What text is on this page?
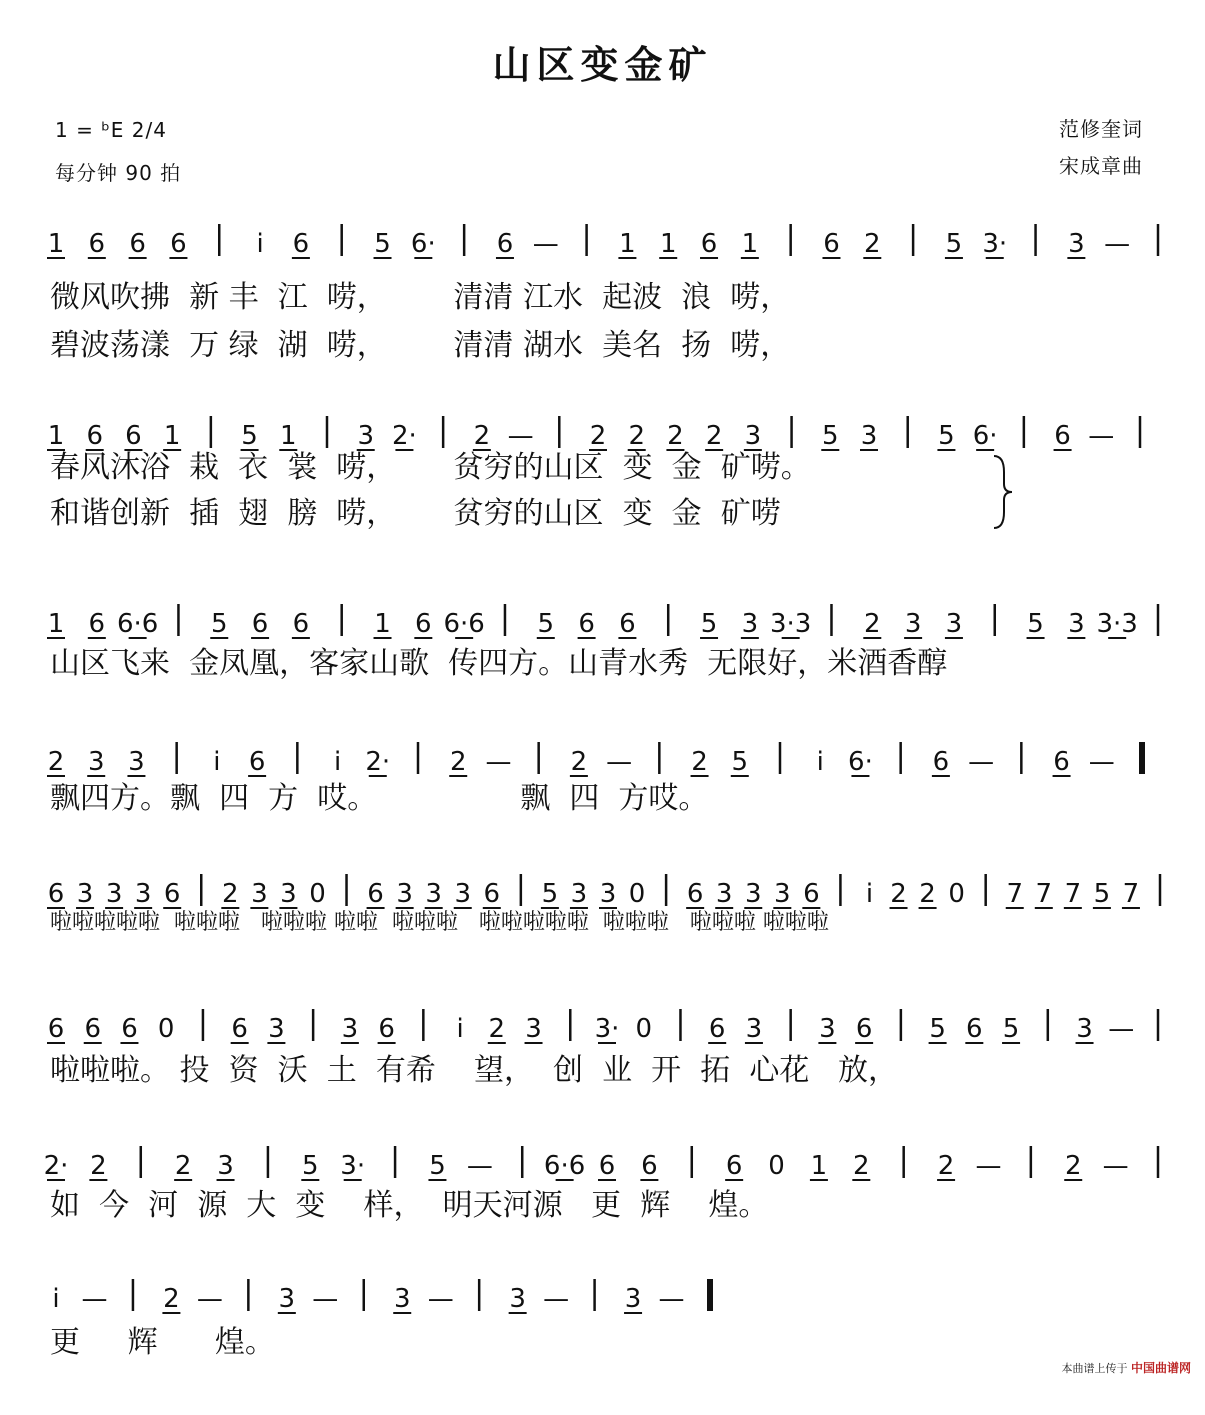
山区变金矿
1 = ᵇE 2/4
每分钟 90 拍
范修奎词
宋成章曲
1 6 6 6	i 6	5 6· 6 — 1 1 6 1	6 2	5 3· 3 —
微风吹拂  新 丰  江  唠，       清清 江水  起波  浪  唠，
碧波荡漾  万 绿  湖  唠，       清清 湖水  美名  扬  唠，
1 6 6 1 5 1 3 2· 2 — 2 2 2 2 3 5 3 5 6· 6 —
春风沐浴  栽  衣  裳  唠，      贫穷的山区  变  金  矿唠。
和谐创新  插  翅  膀  唠，      贫穷的山区  变  金  矿唠
1 6 6·6 5 6 6	1 6 6·6 5 6 6	5 3 3·3 2 3 3	5 3 3·3
山区飞来  金凤凰，客家山歌  传四方。山青水秀  无限好，米酒香醇
2 3 3	i 6	i 2· 2 — 2 — 2 5	i 6· 6 — 6 —
飘四方。飘  四  方  哎。               飘  四  方哎。
6 3 3 3 6 2 3 3 0 6 3 3 3 6 5 3 3 0 6 3 3 3 6 i 2 2 0 7 7 7 5 7
啦啦啦啦啦  啦啦啦   啦啦啦 啦啦  啦啦啦   啦啦啦啦啦  啦啦啦   啦啦啦 啦啦啦
6 6 6 0 6 3 3 6 i 2 3 3· 0 6 3 3 6 5 6 5 3 —
啦啦啦。 投  资  沃  土  有希    望，  创  业  开  拓  心花   放，
2· 2	2 3	5 3· 5 — 6·6 6 6	6 0 1 2	2 — 2 —
如  今  河  源  大  变    样，  明天河源   更  辉    煌。
i — 2 — 3 — 3 — 3 — 3 —
更     辉      煌。
本曲谱上传于 中国曲谱网
